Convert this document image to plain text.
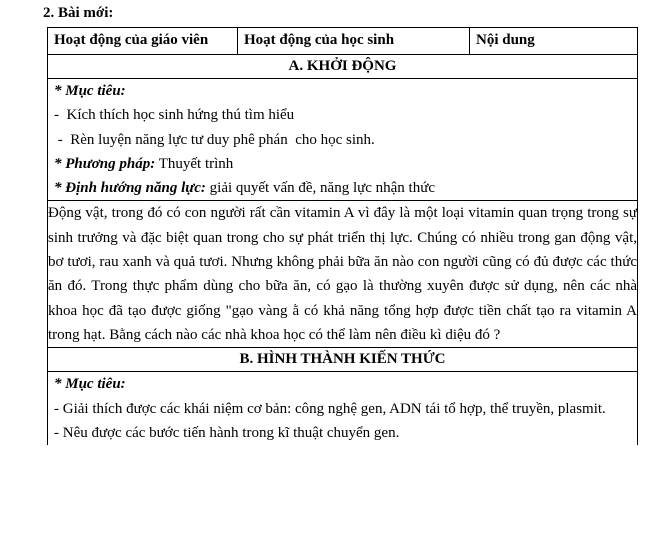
2. Bài mới:
Hoạt động của giáo viên	Hoạt động của học sinh	Nội dung
A. KHỞI ĐỘNG

* Mục tiêu:
-  Kích thích học sinh hứng thú tìm hiểu
-  Rèn luyện năng lực tư duy phê phán  cho học sinh.
* Phương pháp: Thuyết trình
* Định hướng năng lực: giải quyết vấn đề, năng lực nhận thức

Động vật, trong đó có con người rất cần vitamin A vì đây là một loại vitamin quan trọng trong sự sinh trưởng và đặc biệt quan trong cho sự phát triển thị lực. Chúng có nhiều trong gan động vật, bơ tươi, rau xanh và quả tươi. Nhưng không phải bữa ăn nào con người cũng có đủ được các thức ăn đó. Trong thực phẩm dùng cho bữa ăn, có gạo là thường xuyên được sử dụng, nên các nhà khoa học đã tạo được giống "gạo vàng ằ có khả năng tổng hợp được tiền chất tạo ra vitamin A trong hạt. Bằng cách nào các nhà khoa học có thể làm nên điều kì diệu đó ?

B. HÌNH THÀNH KIẾN THỨC

* Mục tiêu:
- Giải thích được các khái niệm cơ bản: công nghệ gen, ADN tái tổ hợp, thể truyền, plasmit.
- Nêu được các bước tiến hành trong kĩ thuật chuyển gen.
